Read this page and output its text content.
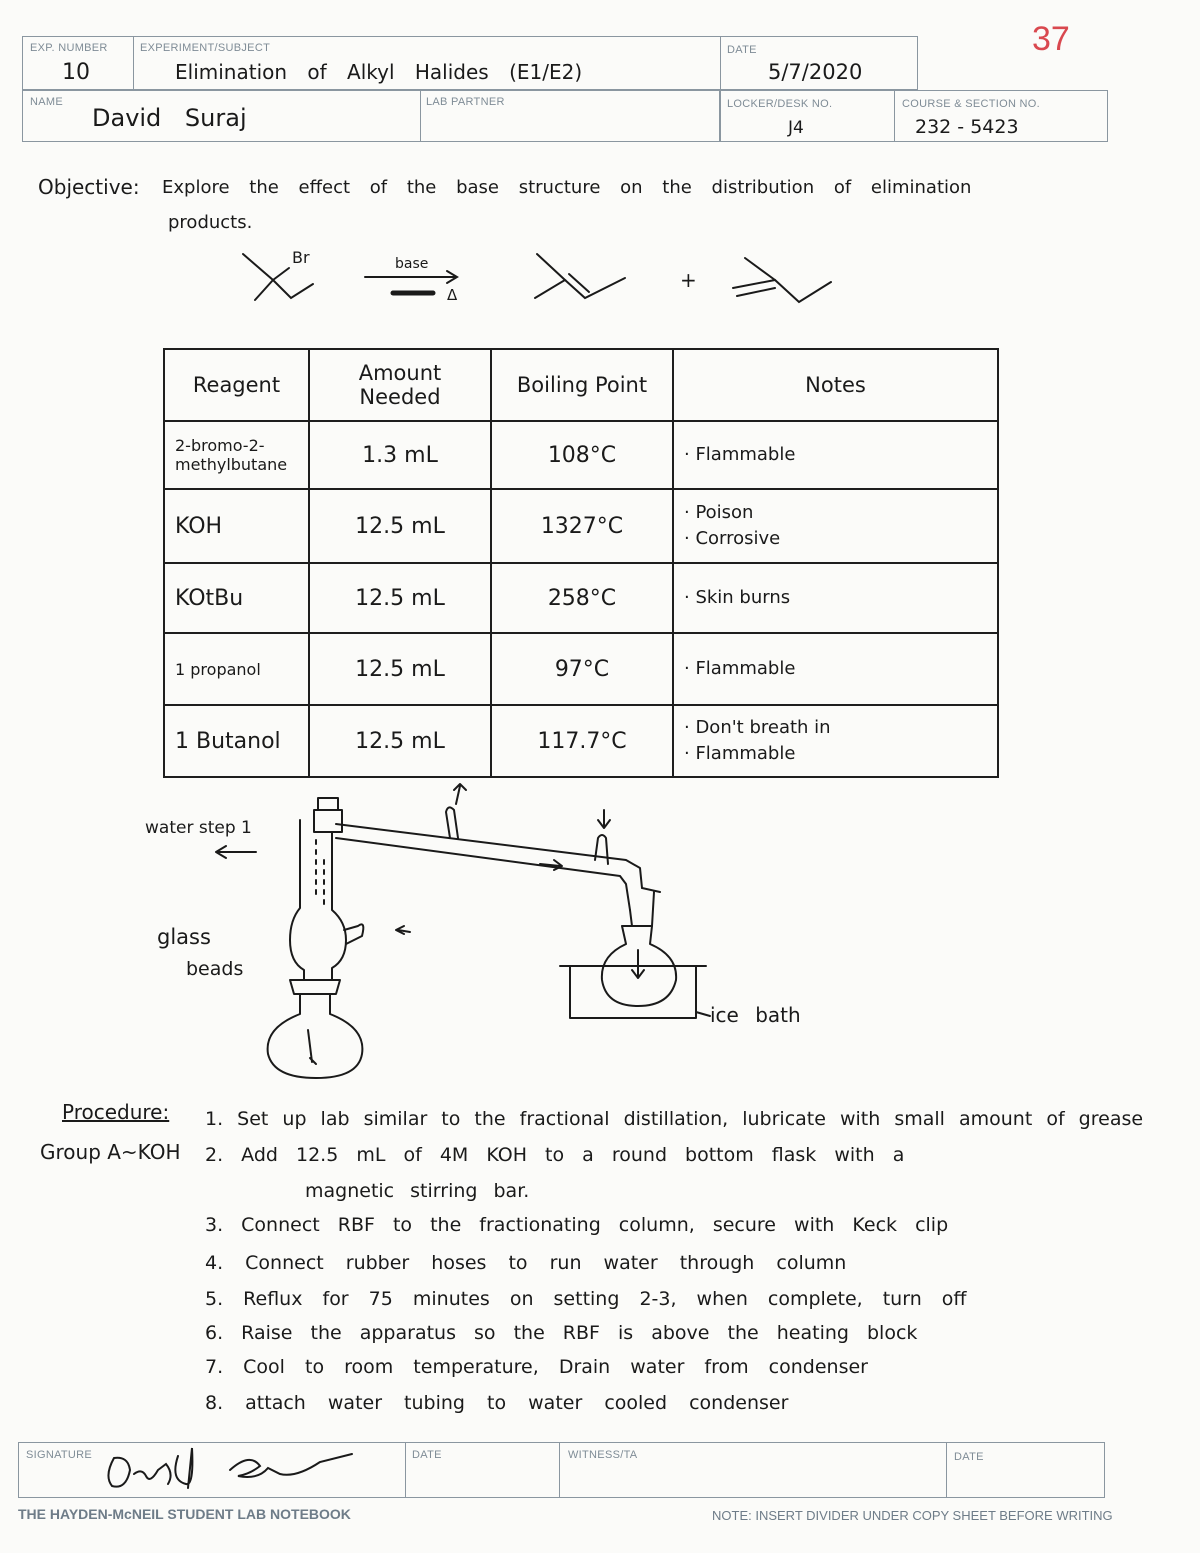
37
EXP. NUMBER
10
EXPERIMENT/SUBJECT
Elimination of Alkyl Halides (E1/E2)
DATE
5/7/2020
NAME
David Suraj
LAB PARTNER	LOCKER/DESK NO.
J4
COURSE & SECTION NO.
232 - 5423
Objective: Explore the effect of the base structure on the distribution of elimination
products.
Br	base
Δ
+
Reagent	Amount Needed	Boiling Point	Notes
2-bromo-2-methylbutane	1.3 mL	108°C	· Flammable

KOH	12.5 mL	1327°C	· Poison
· Corrosive

KOtBu	12.5 mL	258°C	· Skin burns

1 propanol	12.5 mL	97°C	· Flammable

1 Butanol	12.5 mL	117.7°C	· Don't breath in
· Flammable
water step 1
glass
beads
ice bath
Procedure:
Group A~KOH
1. Set up lab similar to the fractional distillation, lubricate with small amount of grease
2. Add 12.5 mL of 4M KOH to a round bottom flask with a
magnetic stirring bar.
3. Connect RBF to the fractionating column, secure with Keck clip
4. Connect rubber hoses to run water through column
5. Reflux for 75 minutes on setting 2-3, when complete, turn off
6. Raise the apparatus so the RBF is above the heating block
7. Cool to room temperature, Drain water from condenser
8. attach water tubing to water cooled condenser
SIGNATURE	DATE	WITNESS/TA	DATE
THE HAYDEN-McNEIL STUDENT LAB NOTEBOOK	NOTE: INSERT DIVIDER UNDER COPY SHEET BEFORE WRITING
